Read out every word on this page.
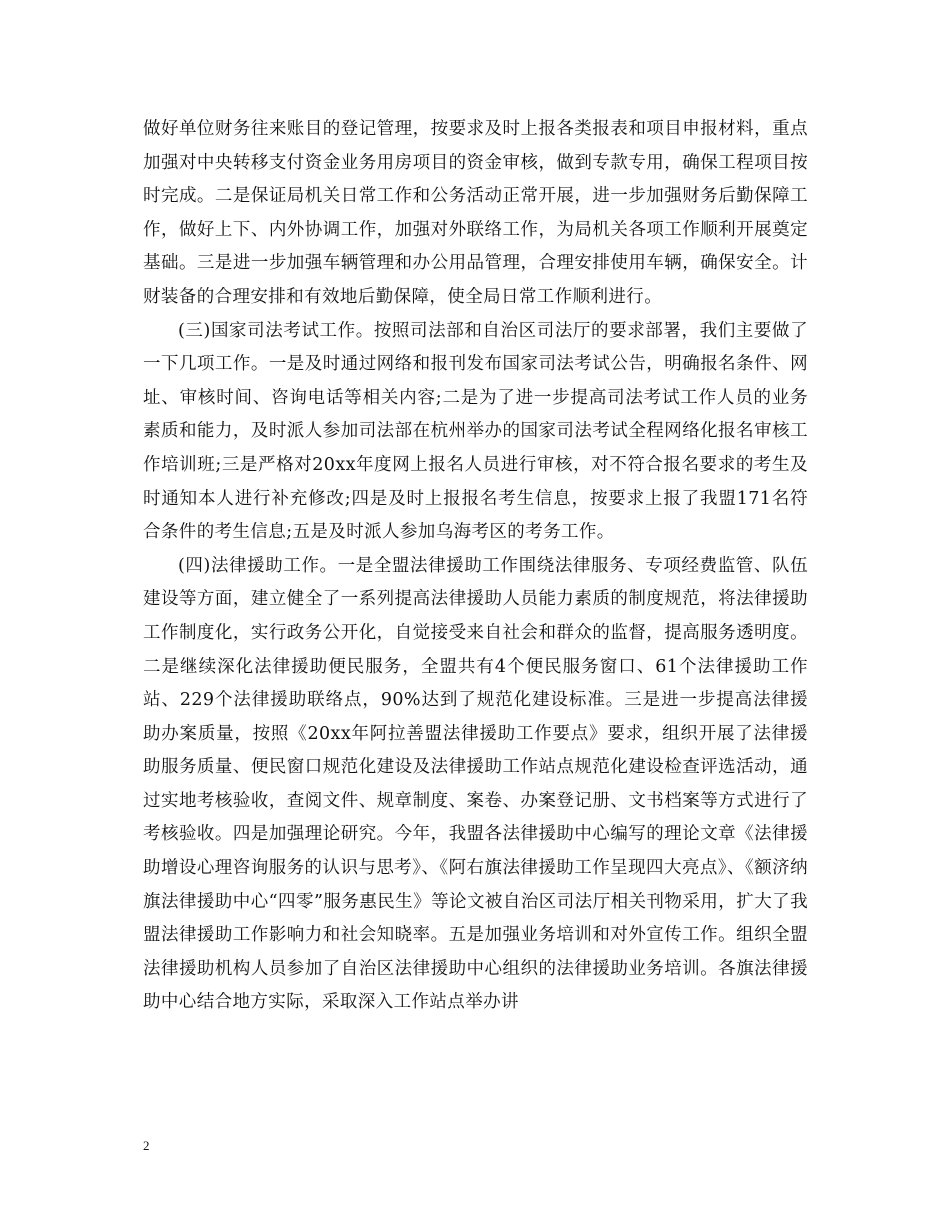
做好单位财务往来账目的登记管理，按要求及时上报各类报表和项目申报材料，重点加强对中央转移支付资金业务用房项目的资金审核，做到专款专用，确保工程项目按时完成。二是保证局机关日常工作和公务活动正常开展，进一步加强财务后勤保障工作，做好上下、内外协调工作，加强对外联络工作，为局机关各项工作顺利开展奠定基础。三是进一步加强车辆管理和办公用品管理，合理安排使用车辆，确保安全。计财装备的合理安排和有效地后勤保障，使全局日常工作顺利进行。

(三)国家司法考试工作。按照司法部和自治区司法厅的要求部署，我们主要做了一下几项工作。一是及时通过网络和报刊发布国家司法考试公告，明确报名条件、网址、审核时间、咨询电话等相关内容;二是为了进一步提高司法考试工作人员的业务素质和能力，及时派人参加司法部在杭州举办的国家司法考试全程网络化报名审核工作培训班;三是严格对20xx年度网上报名人员进行审核，对不符合报名要求的考生及时通知本人进行补充修改;四是及时上报报名考生信息，按要求上报了我盟171名符合条件的考生信息;五是及时派人参加乌海考区的考务工作。

(四)法律援助工作。一是全盟法律援助工作围绕法律服务、专项经费监管、队伍建设等方面，建立健全了一系列提高法律援助人员能力素质的制度规范，将法律援助工作制度化，实行政务公开化，自觉接受来自社会和群众的监督，提高服务透明度。二是继续深化法律援助便民服务，全盟共有4个便民服务窗口、61个法律援助工作站、229个法律援助联络点，90%达到了规范化建设标准。三是进一步提高法律援助办案质量，按照《20xx年阿拉善盟法律援助工作要点》要求，组织开展了法律援助服务质量、便民窗口规范化建设及法律援助工作站点规范化建设检查评选活动，通过实地考核验收，查阅文件、规章制度、案卷、办案登记册、文书档案等方式进行了考核验收。四是加强理论研究。今年，我盟各法律援助中心编写的理论文章《法律援助增设心理咨询服务的认识与思考》、《阿右旗法律援助工作呈现四大亮点》、《额济纳旗法律援助中心“四零”服务惠民生》等论文被自治区司法厅相关刊物采用，扩大了我盟法律援助工作影响力和社会知晓率。五是加强业务培训和对外宣传工作。组织全盟法律援助机构人员参加了自治区法律援助中心组织的法律援助业务培训。各旗法律援助中心结合地方实际，采取深入工作站点举办讲

2
